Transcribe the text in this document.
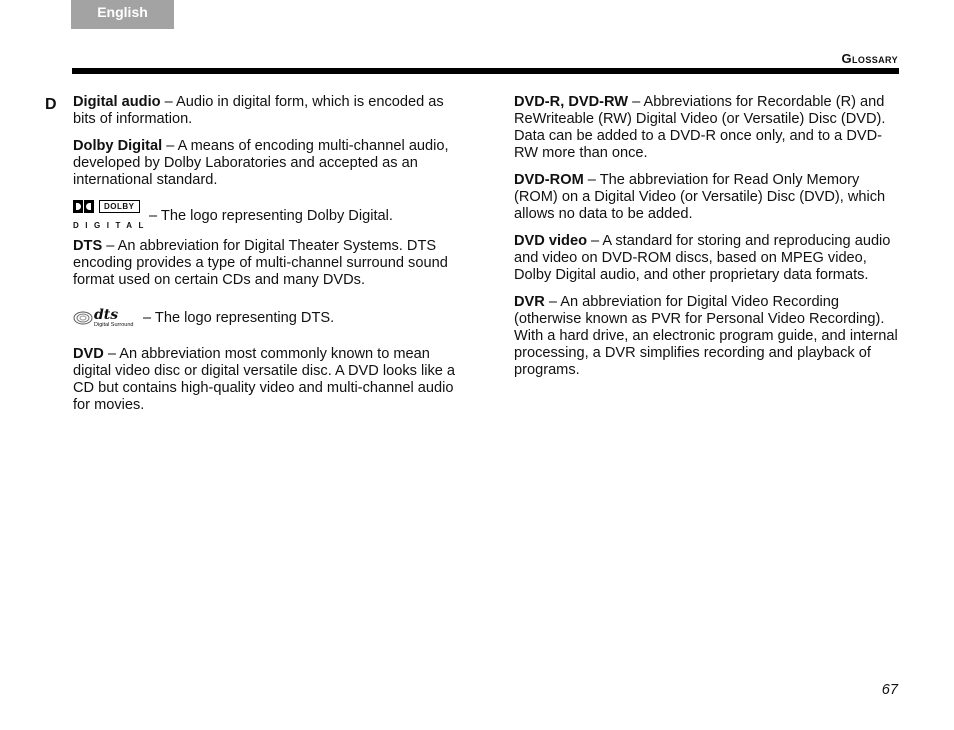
English
Glossary
D Digital audio – Audio in digital form, which is encoded as bits of information.

Dolby Digital – A means of encoding multi-channel audio, developed by Dolby Laboratories and accepted as an international standard.

DOLBY
DIGITAL
– The logo representing Dolby Digital.

DTS – An abbreviation for Digital Theater Systems. DTS encoding provides a type of multi-channel surround sound format used on certain CDs and many DVDs.

dts
Digital Surround – The logo representing DTS.

DVD – An abbreviation most commonly known to mean digital video disc or digital versatile disc. A DVD looks like a CD but contains high-quality video and multi-channel audio for movies.

DVD-R, DVD-RW – Abbreviations for Recordable (R) and ReWriteable (RW) Digital Video (or Versatile) Disc (DVD). Data can be added to a DVD-R once only, and to a DVD-RW more than once.

DVD-ROM – The abbreviation for Read Only Memory (ROM) on a Digital Video (or Versatile) Disc (DVD), which allows no data to be added.

DVD video – A standard for storing and reproducing audio and video on DVD-ROM discs, based on MPEG video, Dolby Digital audio, and other proprietary data formats.

DVR – An abbreviation for Digital Video Recording (otherwise known as PVR for Personal Video Recording). With a hard drive, an electronic program guide, and internal processing, a DVR simplifies recording and playback of programs.

67
